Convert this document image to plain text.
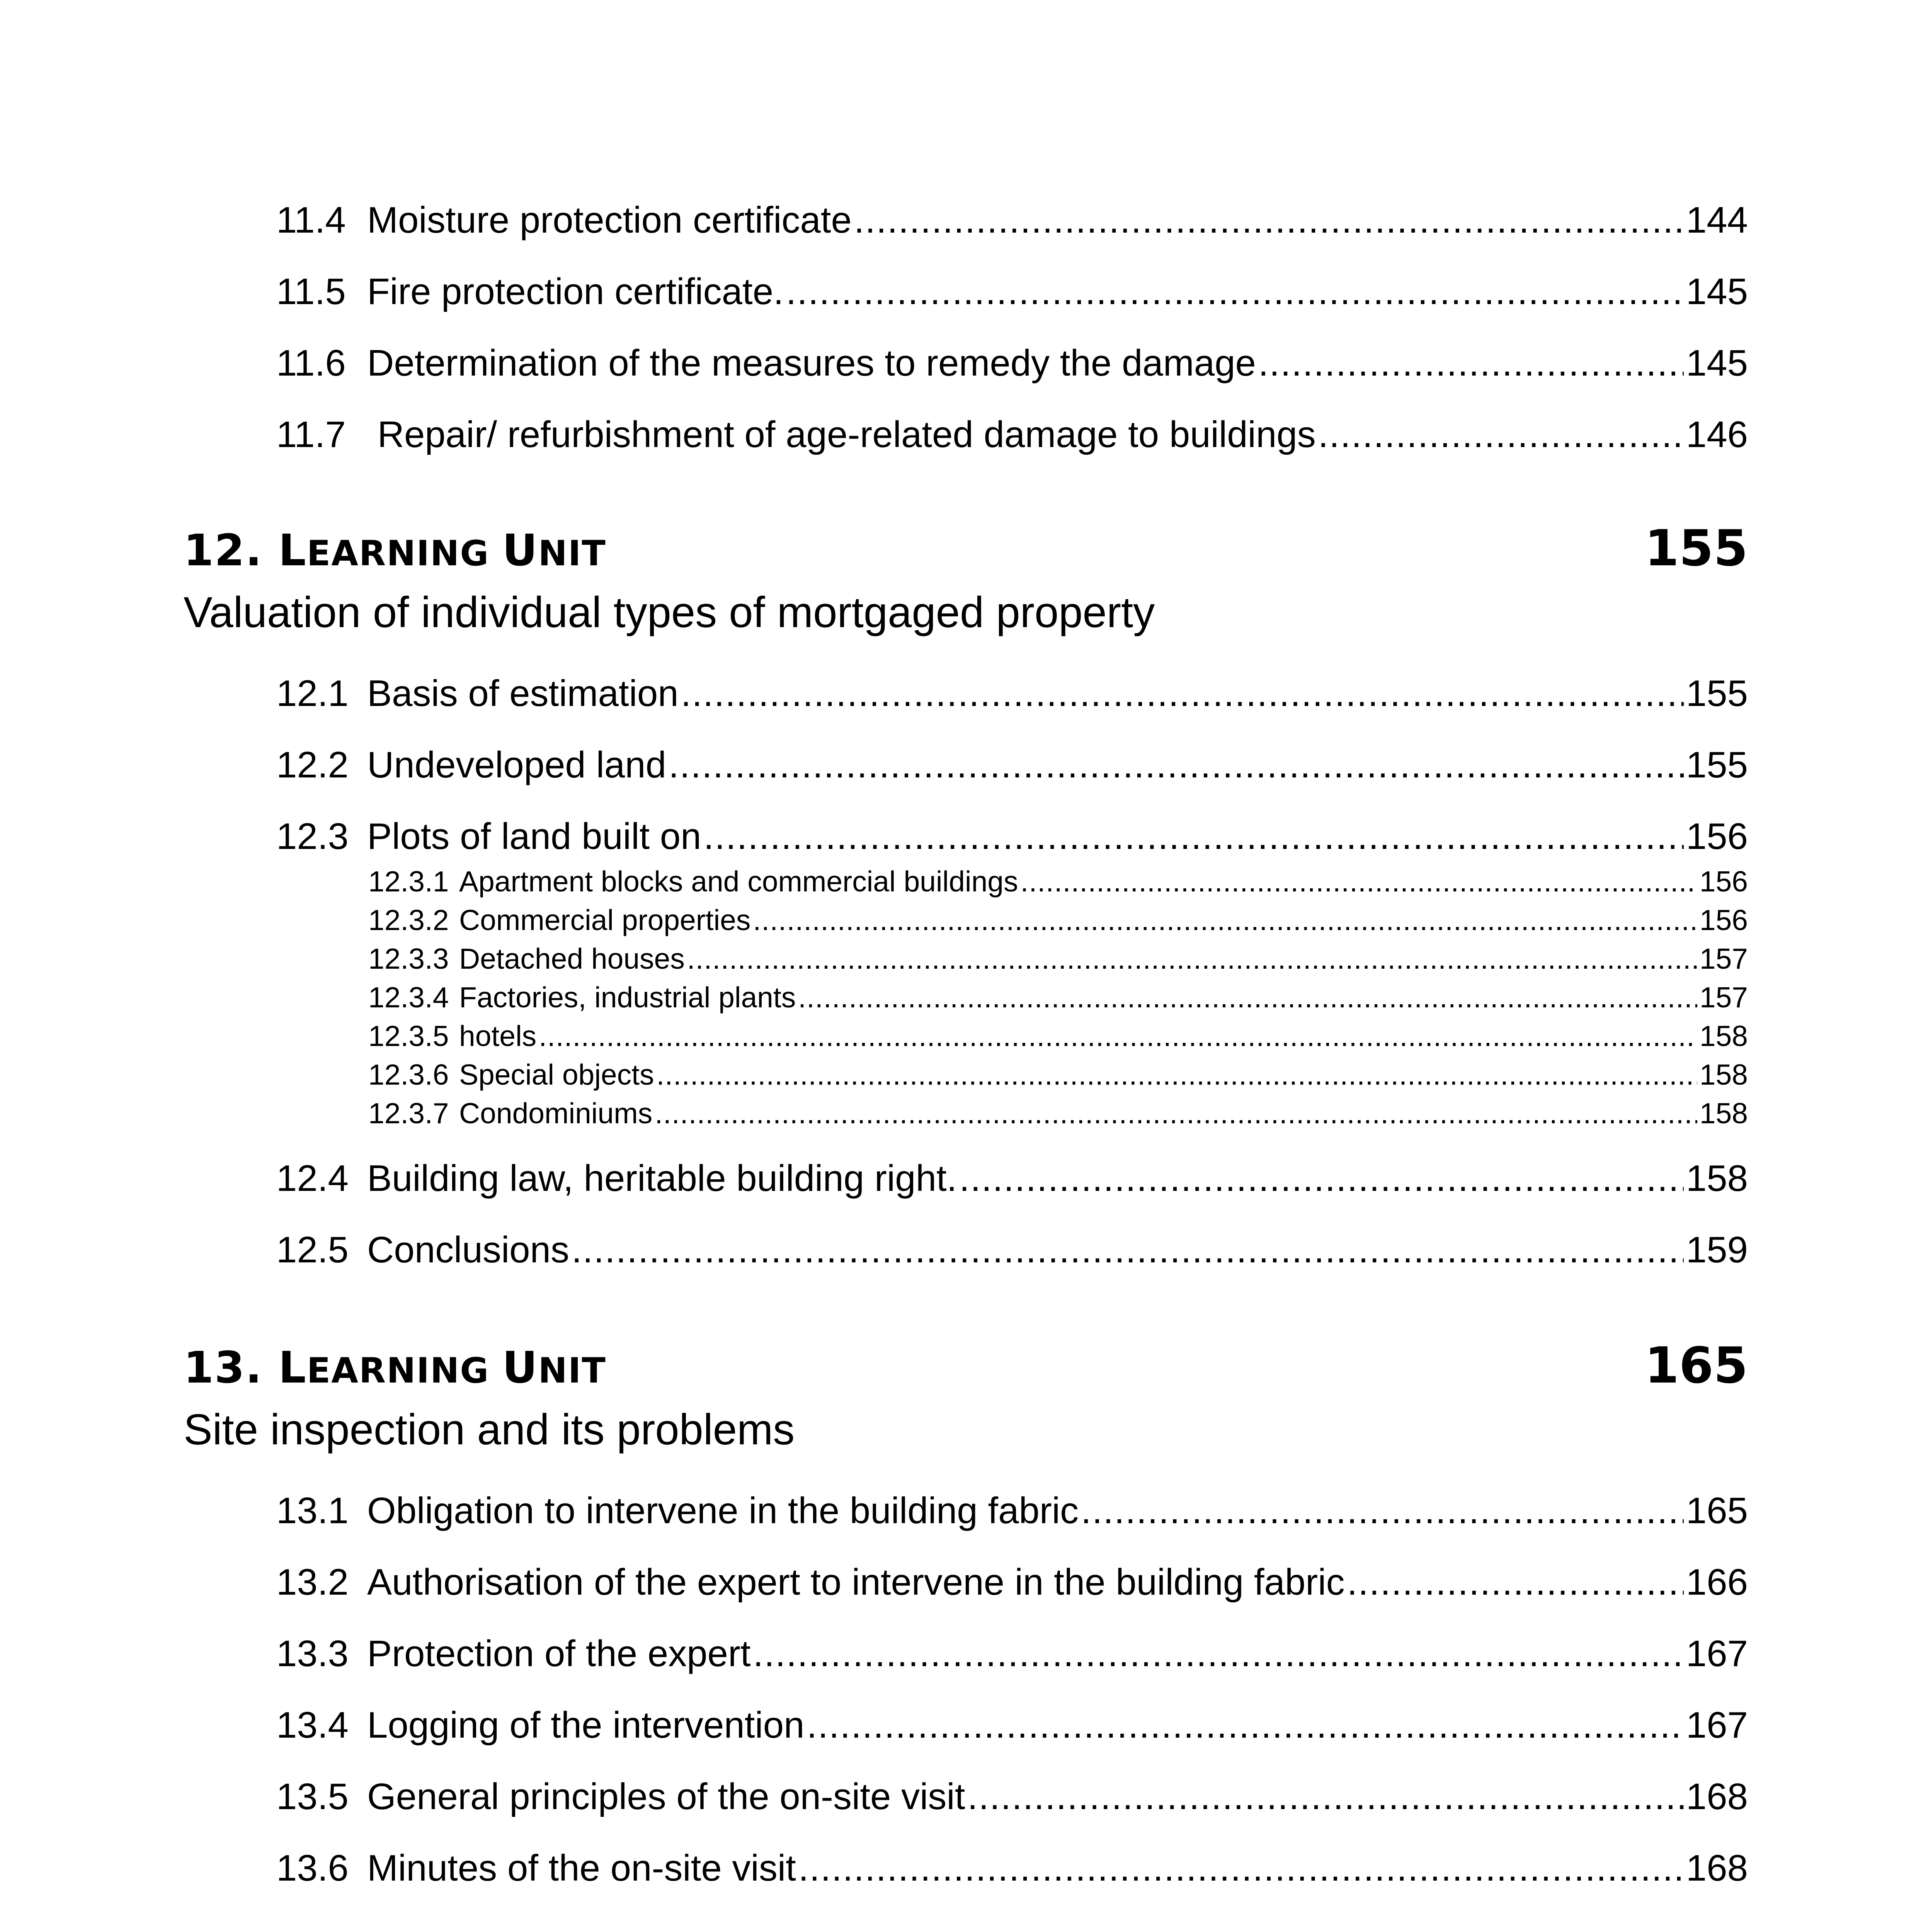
11.4 Moisture protection certificate .....	144
11.5 Fire protection certificate. .....	145
11.6 Determination of the measures to remedy the damage .....	145
11.7 Repair/ refurbishment of age-related damage to buildings .....	146
12. LEARNING UNIT	155
Valuation of individual types of mortgaged property
12.1 Basis of estimation .....	155
12.2 Undeveloped land .....	155
12.3 Plots of land built on .....	156
12.3.1 Apartment blocks and commercial buildings .....	156
12.3.2 Commercial properties .....	156
12.3.3 Detached houses .....	157
12.3.4 Factories, industrial plants .....	157
12.3.5 hotels .....	158
12.3.6 Special objects .....	158
12.3.7 Condominiums .....	158
12.4 Building law, heritable building right. .....	158
12.5 Conclusions .....	159
13. LEARNING UNIT	165
Site inspection and its problems
13.1 Obligation to intervene in the building fabric .....	165
13.2 Authorisation of the expert to intervene in the building fabric .....	166
13.3 Protection of the expert .....	167
13.4 Logging of the intervention .....	167
13.5 General principles of the on-site visit .....	168
13.6 Minutes of the on-site visit .....	168
